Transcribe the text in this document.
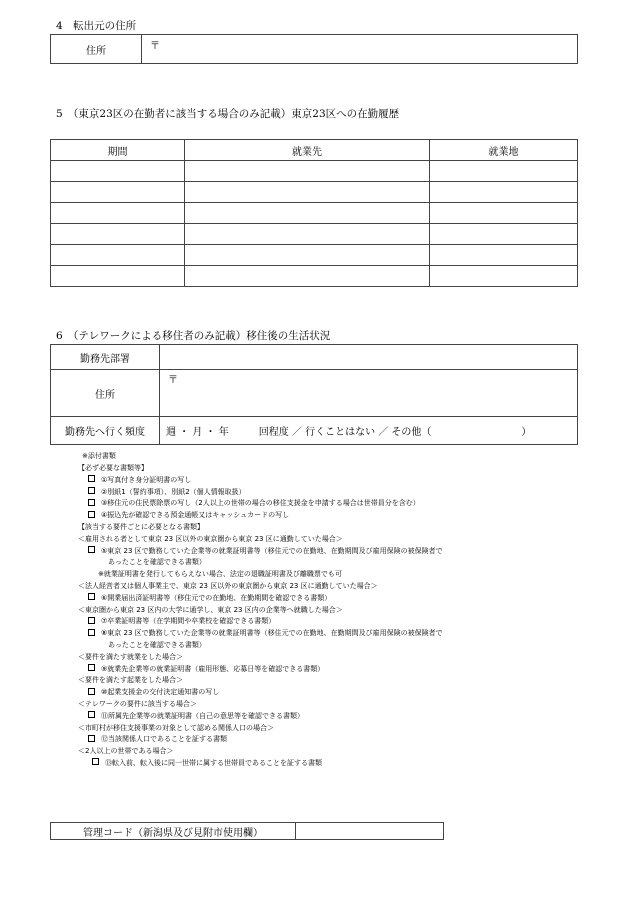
4　転出元の住所
住所	〒
5　（東京23区の在勤者に該当する場合のみ記載）東京23区への在勤履歴
期間	就業先	就業地

6　（テレワークによる移住者のみ記載）移住後の生活状況
勤務先部署	
住所	〒
勤務先へ行く頻度	週 ・ 月 ・ 年　　　回程度 ／ 行くことはない ／ その他（　　　　　　　　　）
※添付書類
【必ず必要な書類等】
①写真付き身分証明書の写し
②別紙1（誓約事項）、別紙2（個人情報取扱）
③移住元の住民票除票の写し（2人以上の世帯の場合の移住支援金を申請する場合は世帯員分を含む）
④振込先が確認できる預金通帳又はキャッシュカードの写し
【該当する要件ごとに必要となる書類】
＜雇用される者として東京 23 区以外の東京圏から東京 23 区に通勤していた場合＞
⑤東京 23 区で勤務していた企業等の就業証明書等（移住元での在勤地、在勤期間及び雇用保険の被保険者で
あったことを確認できる書類）
※就業証明書を発行してもらえない場合、法定の退職証明書及び離職票でも可
＜法人経営者又は個人事業主で、東京 23 区以外の東京圏から東京 23 区に通勤していた場合＞
⑥開業届出済証明書等（移住元での在勤地、在勤期間を確認できる書類）
＜東京圏から東京 23 区内の大学に通学し、東京 23 区内の企業等へ就職した場合＞
⑦卒業証明書等（在学期間や卒業校を確認できる書類）
⑧東京 23 区で勤務していた企業等の就業証明書等（移住元での在勤地、在勤期間及び雇用保険の被保険者で
あったことを確認できる書類）
＜要件を満たす就業をした場合＞
⑨就業先企業等の就業証明書（雇用形態、応募日等を確認できる書類）
＜要件を満たす起業をした場合＞
⑩起業支援金の交付決定通知書の写し
＜テレワークの要件に該当する場合＞
⑪所属先企業等の就業証明書（自己の意思等を確認できる書類）
＜市町村が移住支援事業の対象として認める関係人口の場合＞
⑫当該関係人口であることを証する書類
＜2人以上の世帯である場合＞
⑬転入前、転入後に同一世帯に属する世帯員であることを証する書類
管理コード（新潟県及び見附市使用欄）	
